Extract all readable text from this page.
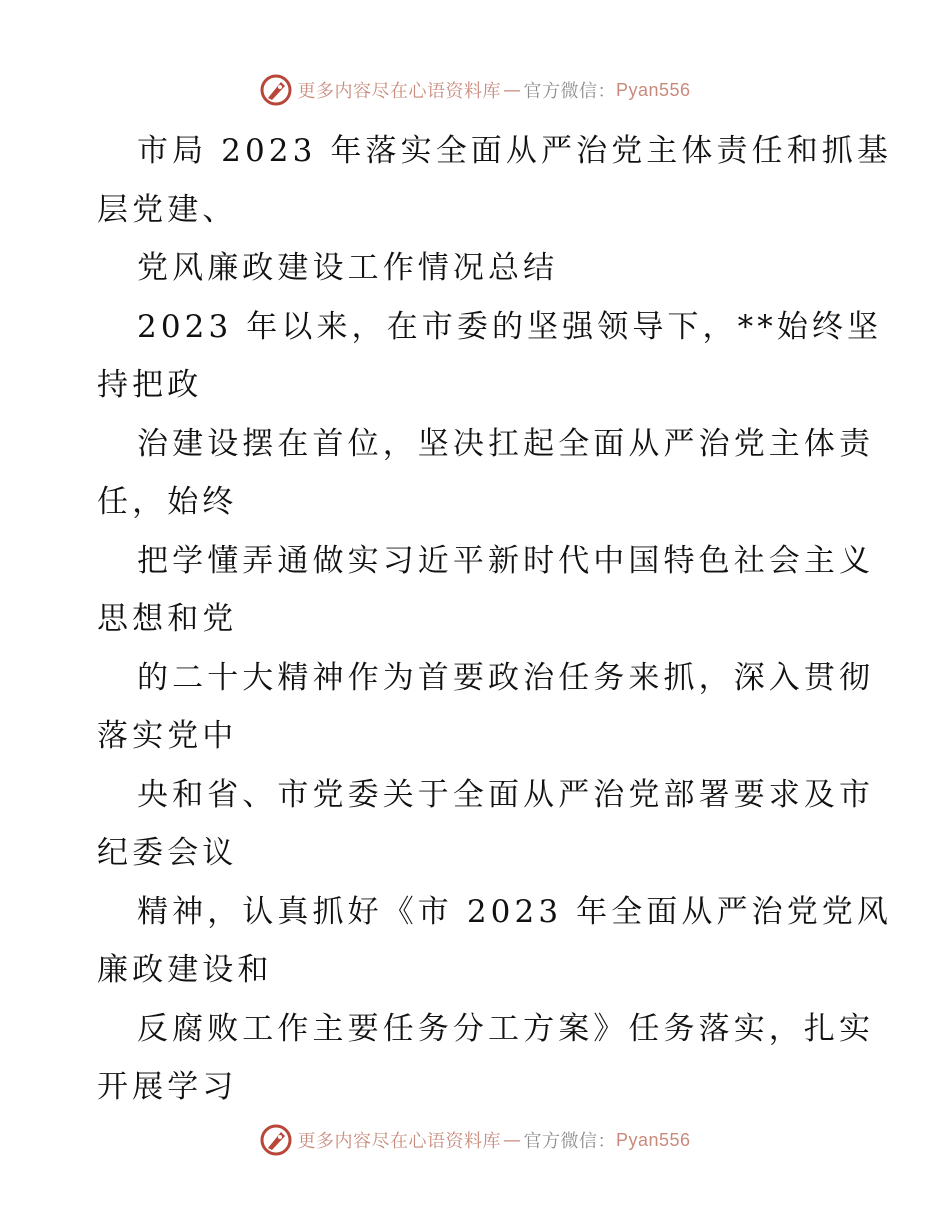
更多内容尽在心语资料库 — 官方微信： Pyan556
市局 2023 年落实全面从严治党主体责任和抓基
层党建、
党风廉政建设工作情况总结
2023 年以来，在市委的坚强领导下，**始终坚
持把政
治建设摆在首位，坚决扛起全面从严治党主体责
任，始终
把学懂弄通做实习近平新时代中国特色社会主义
思想和党
的二十大精神作为首要政治任务来抓，深入贯彻
落实党中
央和省、市党委关于全面从严治党部署要求及市
纪委会议
精神，认真抓好《市 2023 年全面从严治党党风
廉政建设和
反腐败工作主要任务分工方案》任务落实，扎实
开展学习
更多内容尽在心语资料库 — 官方微信： Pyan556
